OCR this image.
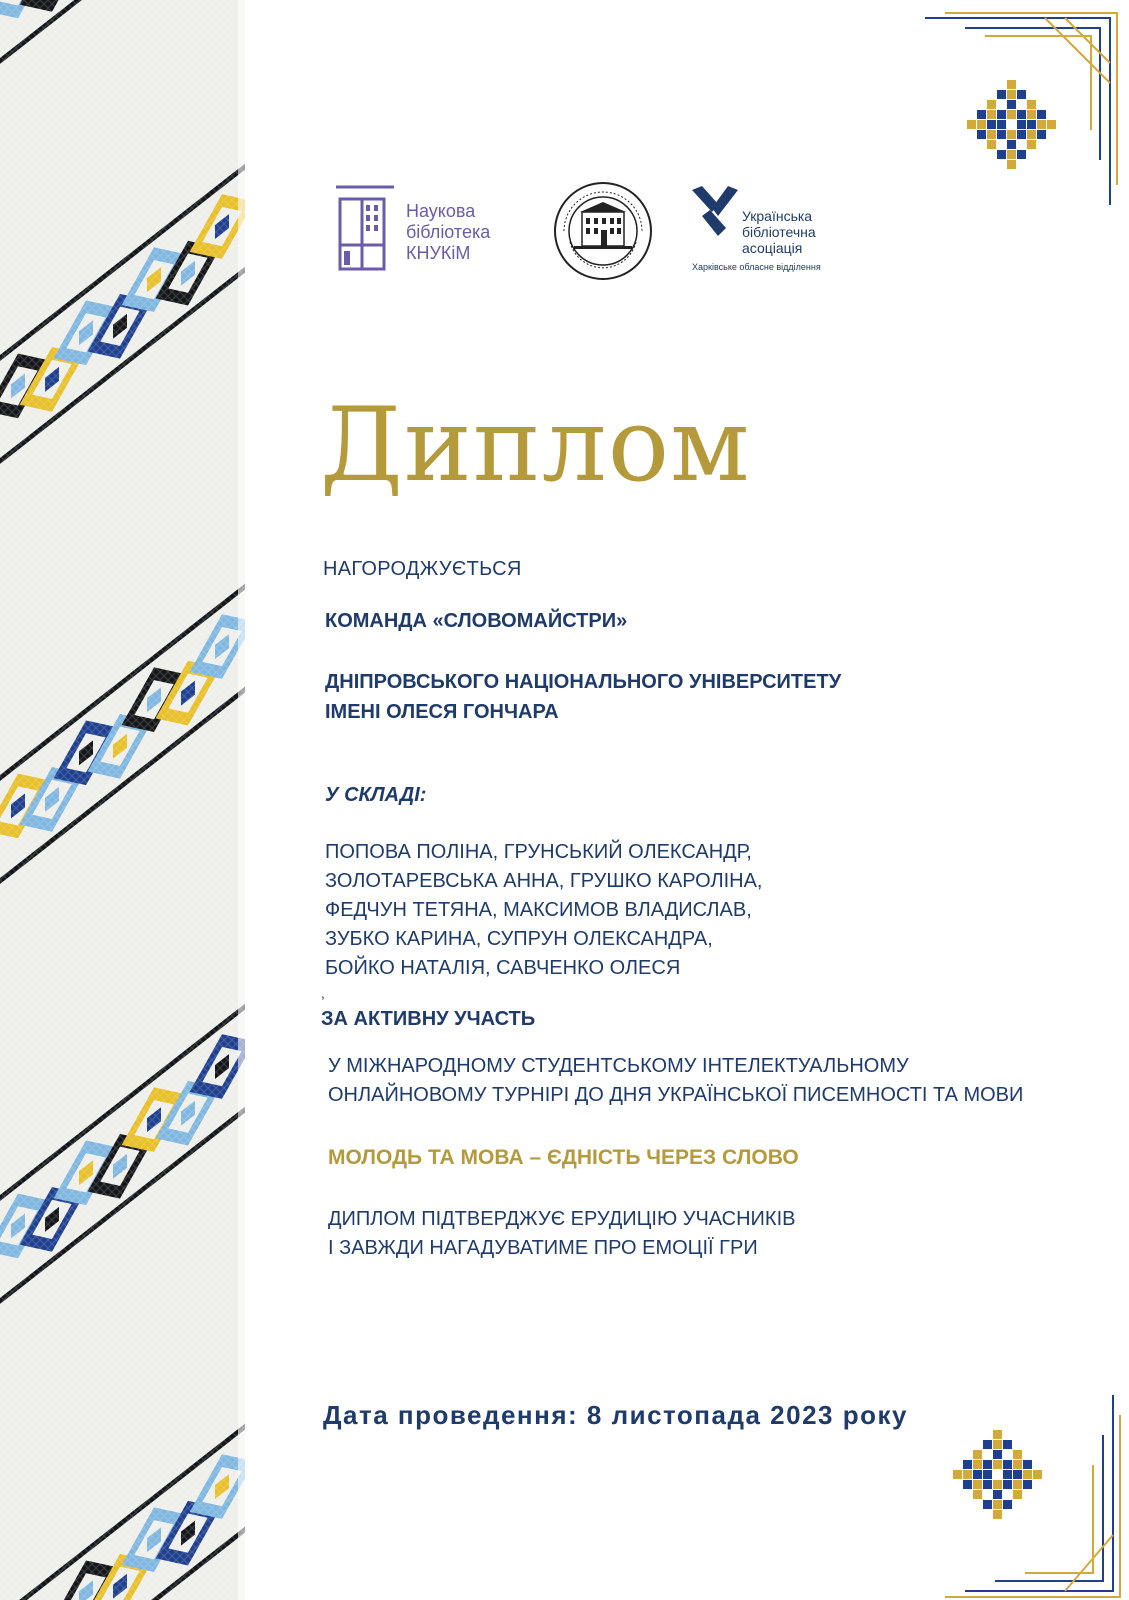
Наукова
бібліотека
КНУКіМ
Українська
бібліотечна
асоціація
Харківське обласне відділення
Диплом
НАГОРОДЖУЄТЬСЯ
КОМАНДА «СЛОВОМАЙСТРИ»
ДНІПРОВСЬКОГО НАЦІОНАЛЬНОГО УНІВЕРСИТЕТУ
ІМЕНІ ОЛЕСЯ ГОНЧАРА
У СКЛАДІ:
ПОПОВА ПОЛІНА, ГРУНСЬКИЙ ОЛЕКСАНДР,
ЗОЛОТАРЕВСЬКА АННА, ГРУШКО КАРОЛІНА,
ФЕДЧУН ТЕТЯНА, МАКСИМОВ ВЛАДИСЛАВ,
ЗУБКО КАРИНА, СУПРУН ОЛЕКСАНДРА,
БОЙКО НАТАЛІЯ, САВЧЕНКО ОЛЕСЯ
,
ЗА АКТИВНУ УЧАСТЬ
У МІЖНАРОДНОМУ СТУДЕНТСЬКОМУ ІНТЕЛЕКТУАЛЬНОМУ
ОНЛАЙНОВОМУ ТУРНІРІ ДО ДНЯ УКРАЇНСЬКОЇ ПИСЕМНОСТІ ТА МОВИ
МОЛОДЬ ТА МОВА – ЄДНІСТЬ ЧЕРЕЗ СЛОВО
ДИПЛОМ ПІДТВЕРДЖУЄ ЕРУДИЦІЮ УЧАСНИКІВ
І ЗАВЖДИ НАГАДУВАТИМЕ ПРО ЕМОЦІЇ ГРИ
Дата проведення: 8 листопада 2023 року
